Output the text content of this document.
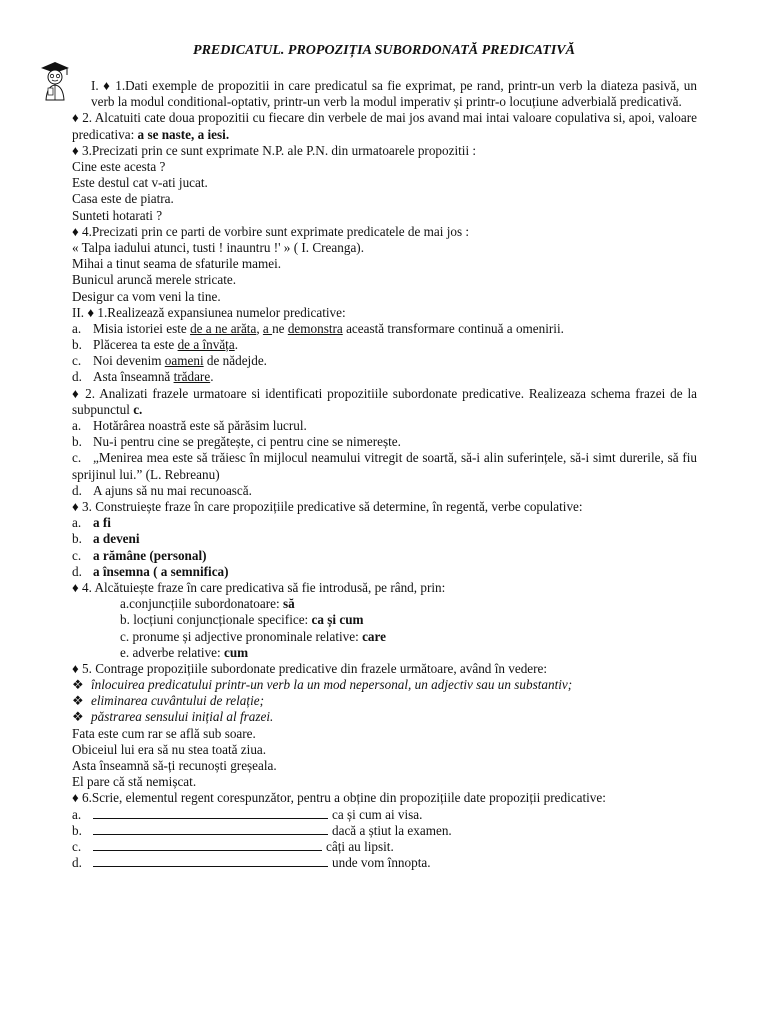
PREDICATUL. PROPOZIȚIA SUBORDONATĂ PREDICATIVĂ
I. ♦ 1.Dati exemple de propozitii in care predicatul sa fie exprimat, pe rand, printr-un verb la diateza pasivă, un verb la modul conditional-optativ, printr-un verb la modul imperativ și printr-o locuțiune adverbială predicativă.
♦ 2. Alcatuiti cate doua propozitii cu fiecare din verbele de mai jos avand mai intai valoare copulativa si, apoi, valoare predicativa: a se naste, a iesi.
♦ 3.Precizati prin ce sunt exprimate N.P. ale P.N. din urmatoarele propozitii :
Cine este acesta ?
Este destul cat v-ati jucat.
Casa este de piatra.
Sunteti hotarati ?
♦ 4.Precizati prin ce parti de vorbire sunt exprimate predicatele de mai jos :
« Talpa iadului atunci, tusti ! inauntru !' » ( I. Creanga).
Mihai a tinut seama de sfaturile mamei.
Bunicul aruncă merele stricate.
Desigur ca vom veni la tine.
II. ♦ 1.Realizează expansiunea numelor predicative:
a. Misia istoriei este de a ne arăta, a ne demonstra această transformare continuă a omenirii.
b. Plăcerea ta este de a învăța.
c. Noi devenim oameni de nădejde.
d. Asta înseamnă trădare.
♦ 2. Analizati frazele urmatoare si identificati propozitiile subordonate predicative. Realizeaza schema frazei de la subpunctul c.
a. Hotărârea noastră este să părăsim lucrul.
b. Nu-i pentru cine se pregătește, ci pentru cine se nimerește.
c. „Menirea mea este să trăiesc în mijlocul neamului vitregit de soartă, să-i alin suferințele, să-i simt durerile, să fiu sprijinul lui.” (L. Rebreanu)
d. A ajuns să nu mai recunoască.
♦ 3. Construiește fraze în care propozițiile predicative să determine, în regentă, verbe copulative:
a. a fi
b. a deveni
c. a rămâne (personal)
d. a însemna ( a semnifica)
♦ 4. Alcătuiește fraze în care predicativa să fie introdusă, pe rând, prin:
a.conjuncțiile subordonatoare: să
b. locțiuni conjuncționale specifice: ca și cum
c. pronume și adjective pronominale relative: care
e. adverbe relative: cum
♦ 5. Contrage propozițiile subordonate predicative din frazele următoare, având în vedere:
❖ înlocuirea predicatului printr-un verb la un mod nepersonal, un adjectiv sau un substantiv;
❖ eliminarea cuvântului de relație;
❖ păstrarea sensului inițial al frazei.
Fata este cum rar se află sub soare.
Obiceiul lui era să nu stea toată ziua.
Asta înseamnă să-ți recunoști greșeala.
El pare că stă nemișcat.
♦ 6.Scrie, elementul regent corespunzător, pentru a obține din propozițiile date propoziții predicative:
a.	ca și cum ai visa.
b.	dacă a știut la examen.
c.	câți au lipsit.
d.	unde vom înnopta.
